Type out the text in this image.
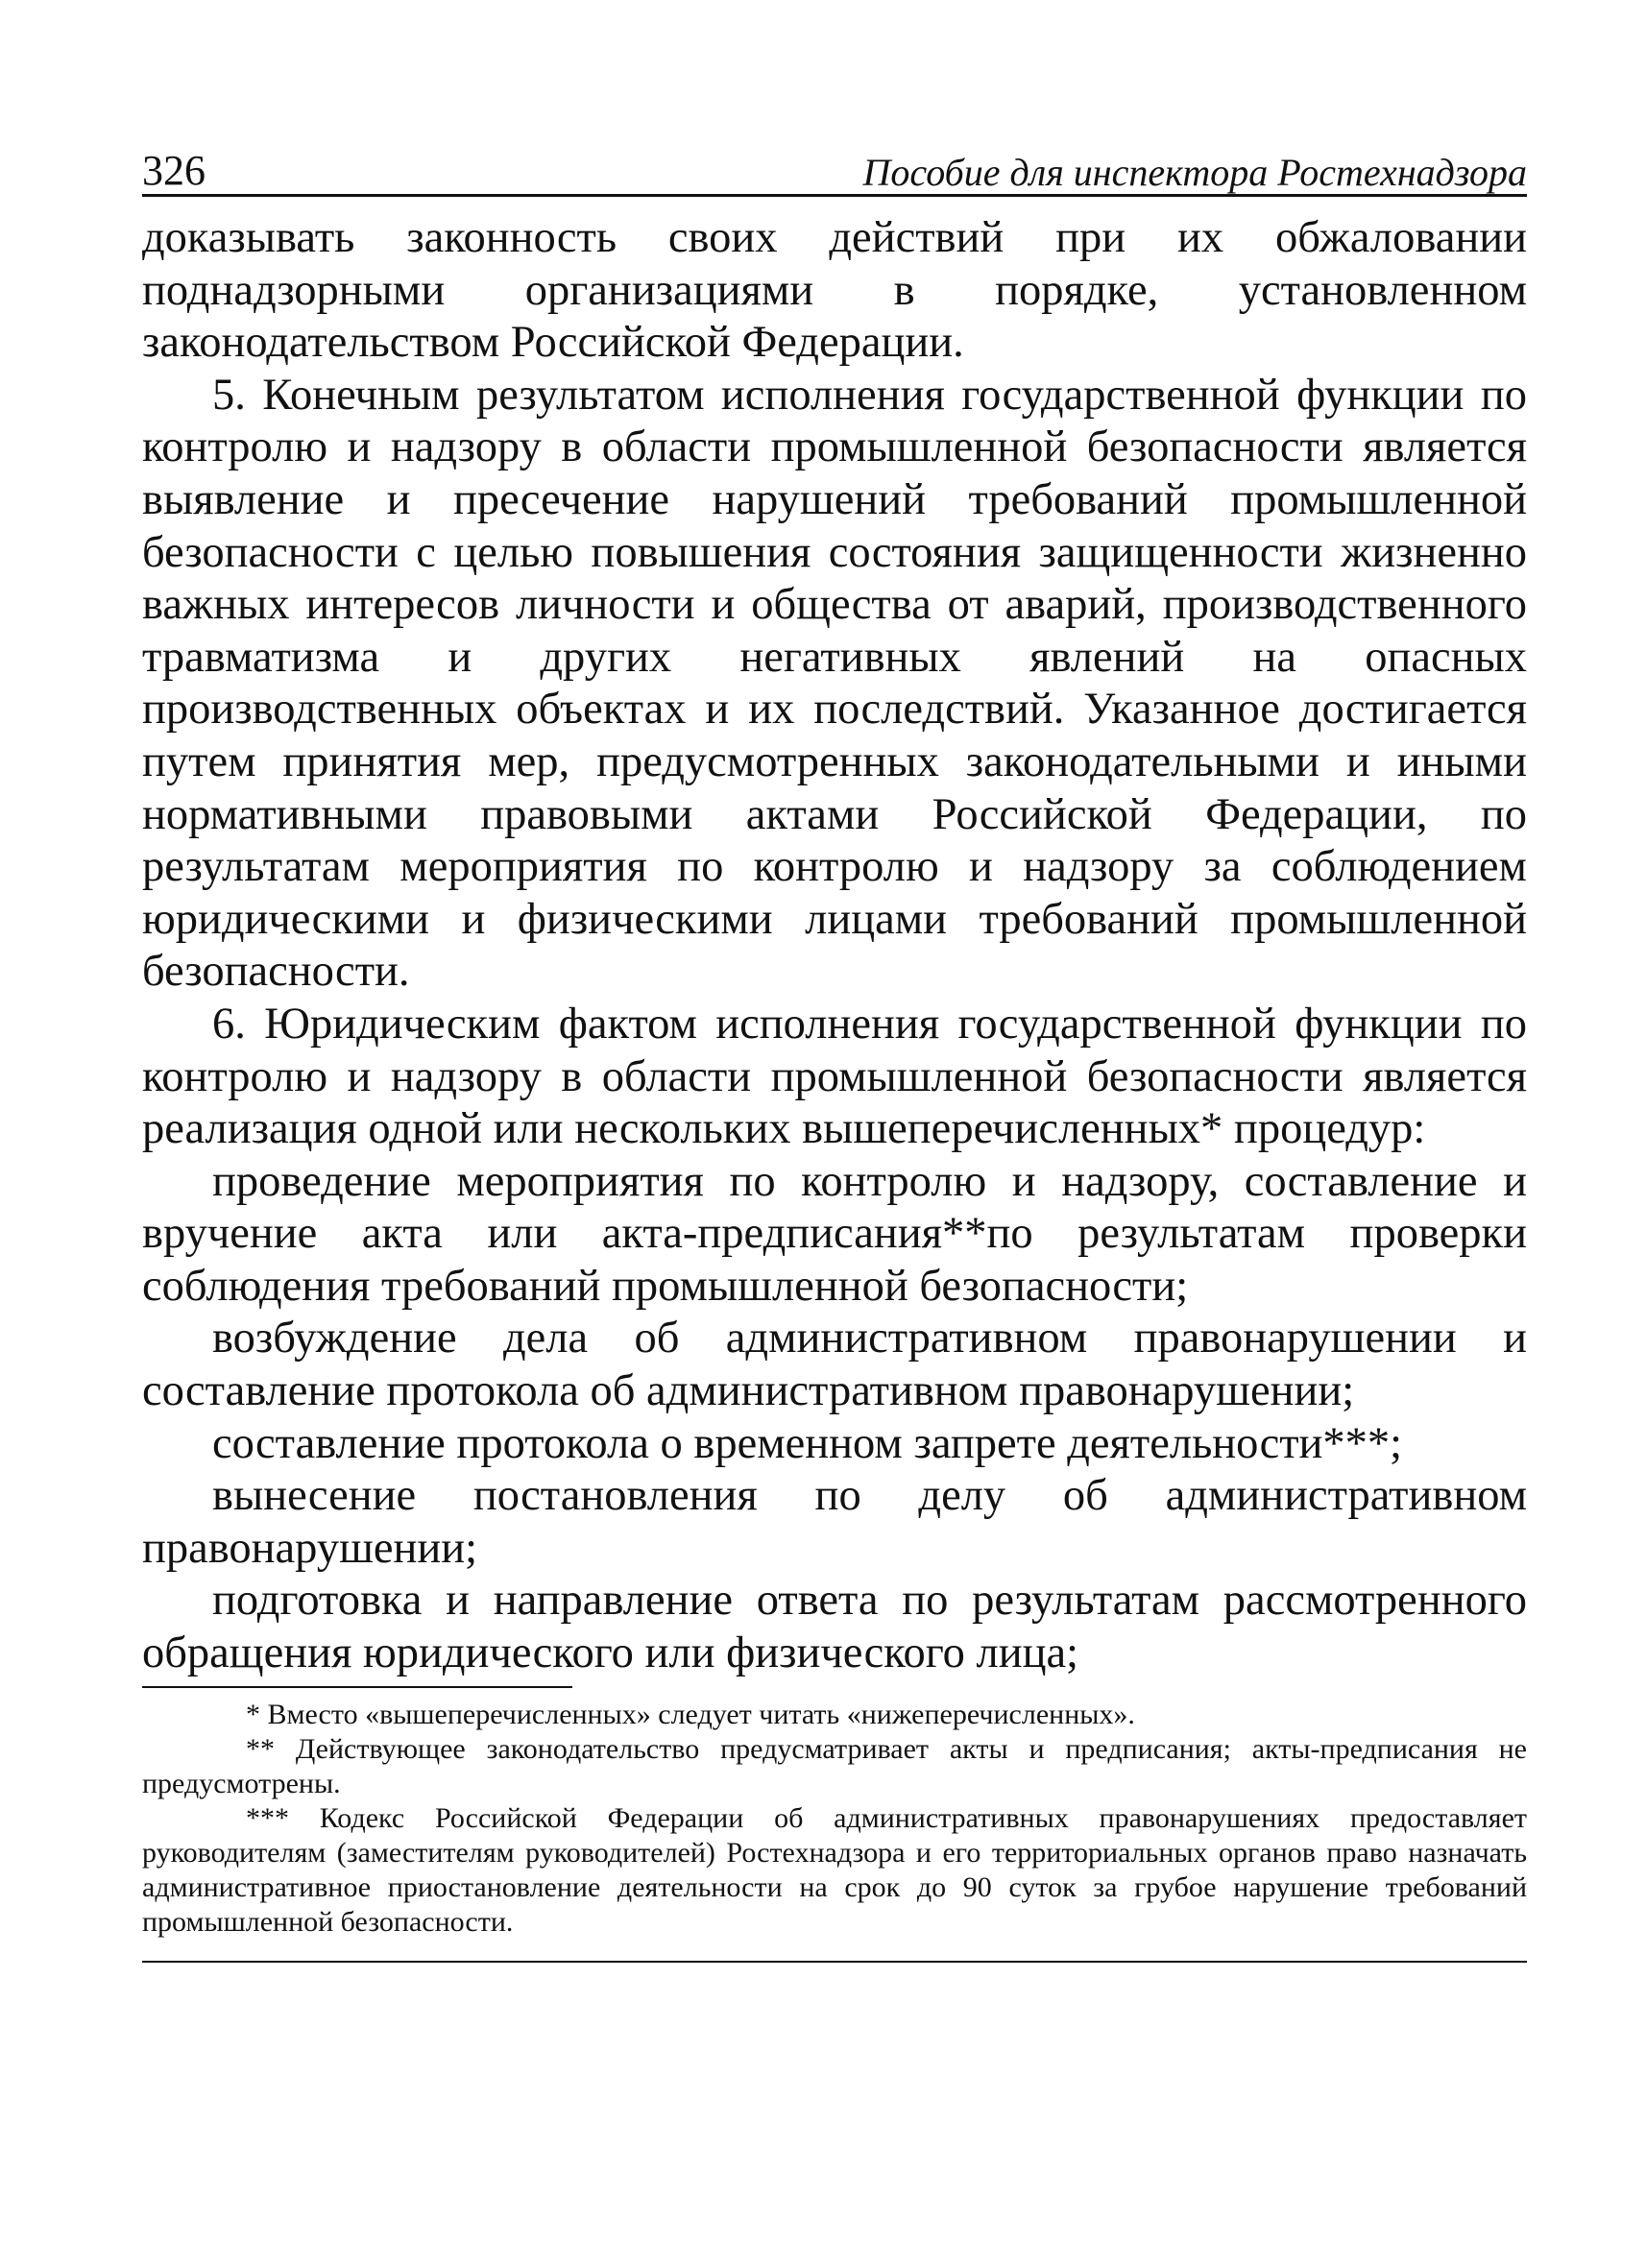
326	Пособие для инспектора Ростехнадзора

доказывать законность своих действий при их обжаловании поднадзорными организациями в порядке, установленном законодательством Российской Федерации.

5. Конечным результатом исполнения государственной функции по контролю и надзору в области промышленной безопасности является выявление и пресечение нарушений требований промышленной безопасности с целью повышения состояния защищенности жизненно важных интересов личности и общества от аварий, производственного травматизма и других негативных явлений на опасных производственных объектах и их последствий. Указанное достигается путем принятия мер, предусмотренных законодательными и иными нормативными правовыми актами Российской Федерации, по результатам мероприятия по контролю и надзору за соблюдением юридическими и физическими лицами требований промышленной безопасности.

6. Юридическим фактом исполнения государственной функции по контролю и надзору в области промышленной безопасности является реализация одной или нескольких вышеперечисленных* процедур:

проведение мероприятия по контролю и надзору, составление и вручение акта или акта-предписания**по результатам проверки соблюдения требований промышленной безопасности;

возбуждение дела об административном правонарушении и составление протокола об административном правонарушении;

составление протокола о временном запрете деятельности***;

вынесение постановления по делу об административном правонарушении;

подготовка и направление ответа по результатам рассмотренного обращения юридического или физического лица;

* Вместо «вышеперечисленных» следует читать «нижеперечисленных».

** Действующее законодательство предусматривает акты и предписания; акты-предписания не предусмотрены.

*** Кодекс Российской Федерации об административных правонарушениях предоставляет руководителям (заместителям руководителей) Ростехнадзора и его территориальных органов право назначать административное приостановление деятельности на срок до 90 суток за грубое нарушение требований промышленной безопасности.
